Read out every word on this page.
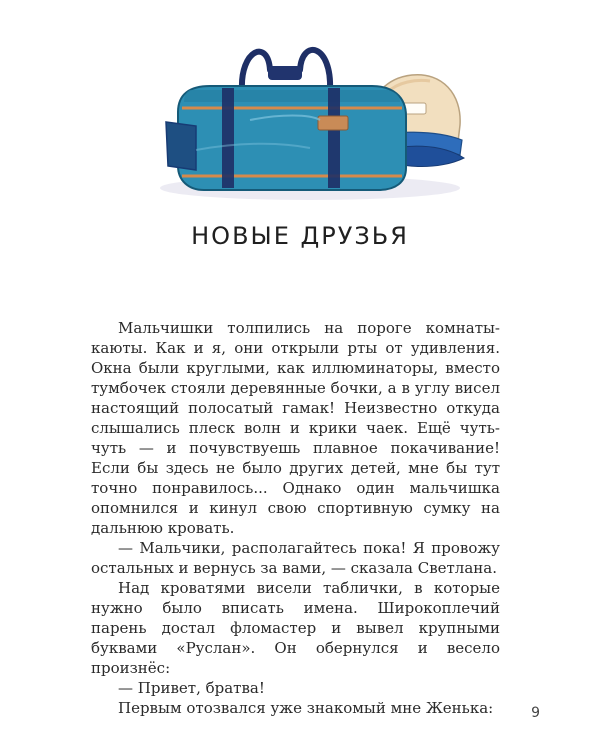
НОВЫЕ ДРУЗЬЯ

Мальчишки толпились на пороге комнаты-каюты. Как и я, они открыли рты от удивления. Окна были круглыми, как иллюминаторы, вместо тумбочек стояли деревянные бочки, а в углу висел настоящий полосатый гамак! Неизвестно откуда слышались плеск волн и крики чаек. Ещё чуть-чуть — и почувствуешь плавное покачивание! Если бы здесь не было других детей, мне бы тут точно понравилось... Однако один мальчишка опомнился и кинул свою спортивную сумку на дальнюю кровать.

— Мальчики, располагайтесь пока! Я провожу остальных и вернусь за вами, — сказала Светлана.

Над кроватями висели таблички, в которые нужно было вписать имена. Широкоплечий парень достал фломастер и вывел крупными буквами «Руслан». Он обернулся и весело произнёс:

— Привет, братва!

Первым отозвался уже знакомый мне Женька:	9
